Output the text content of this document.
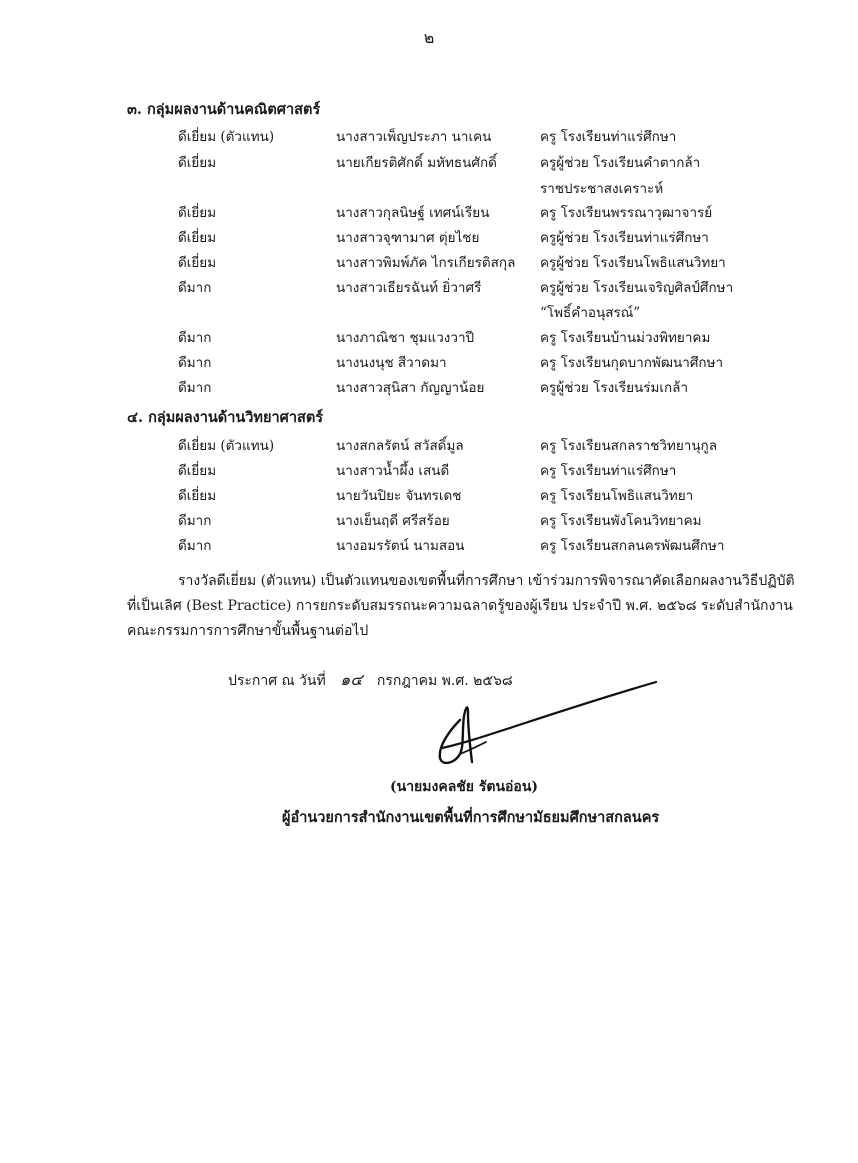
๒
๓. กลุ่มผลงานด้านคณิตศาสตร์
ดีเยี่ยม (ตัวแทน)	นางสาวเพ็ญประภา นาเคน	ครู โรงเรียนท่าแร่ศึกษา
ดีเยี่ยม	นายเกียรติศักดิ์ มหัทธนศักดิ์	ครูผู้ช่วย โรงเรียนคำตากล้า
ราชประชาสงเคราะห์
ดีเยี่ยม	นางสาวกุลนิษฐ์ เทศน์เรียน	ครู โรงเรียนพรรณาวุฒาจารย์
ดีเยี่ยม	นางสาวจุฑามาศ ตุ่ยไชย	ครูผู้ช่วย โรงเรียนท่าแร่ศึกษา
ดีเยี่ยม	นางสาวพิมพ์ภัค ไกรเกียรติสกุล ครูผู้ช่วย โรงเรียนโพธิแสนวิทยา
ดีมาก	นางสาวเธียรฉันท์ ยิ่วาศรี	ครูผู้ช่วย โรงเรียนเจริญศิลป์ศึกษา
“โพธิ์คำอนุสรณ์”
ดีมาก	นางภาณิชา ชุมแวงวาปี	ครู โรงเรียนบ้านม่วงพิทยาคม
ดีมาก	นางนงนุช สีวาดมา	ครู โรงเรียนกุดบากพัฒนาศึกษา
ดีมาก	นางสาวสุนิสา กัญญาน้อย	ครูผู้ช่วย โรงเรียนร่มเกล้า
๔. กลุ่มผลงานด้านวิทยาศาสตร์
ดีเยี่ยม (ตัวแทน)	นางสกลรัตน์ สวัสดิ์มูล	ครู โรงเรียนสกลราชวิทยานุกูล
ดีเยี่ยม	นางสาวน้ำผึ้ง เสนดี	ครู โรงเรียนท่าแร่ศึกษา
ดีเยี่ยม	นายวันปิยะ จันทรเดช	ครู โรงเรียนโพธิแสนวิทยา
ดีมาก	นางเย็นฤดี ศรีสร้อย	ครู โรงเรียนพังโคนวิทยาคม
ดีมาก	นางอมรรัตน์ นามสอน	ครู โรงเรียนสกลนครพัฒนศึกษา
รางวัลดีเยี่ยม (ตัวแทน) เป็นตัวแทนของเขตพื้นที่การศึกษา เข้าร่วมการพิจารณาคัดเลือกผลงานวิธีปฏิบัติ
ที่เป็นเลิศ (Best Practice) การยกระดับสมรรถนะความฉลาดรู้ของผู้เรียน ประจำปี พ.ศ. ๒๕๖๘ ระดับสำนักงาน
คณะกรรมการการศึกษาขั้นพื้นฐานต่อไป
ประกาศ ณ วันที่ ๑๔ กรกฎาคม พ.ศ. ๒๕๖๘
(นายมงคลชัย รัตนอ่อน)
ผู้อำนวยการสำนักงานเขตพื้นที่การศึกษามัธยมศึกษาสกลนคร
